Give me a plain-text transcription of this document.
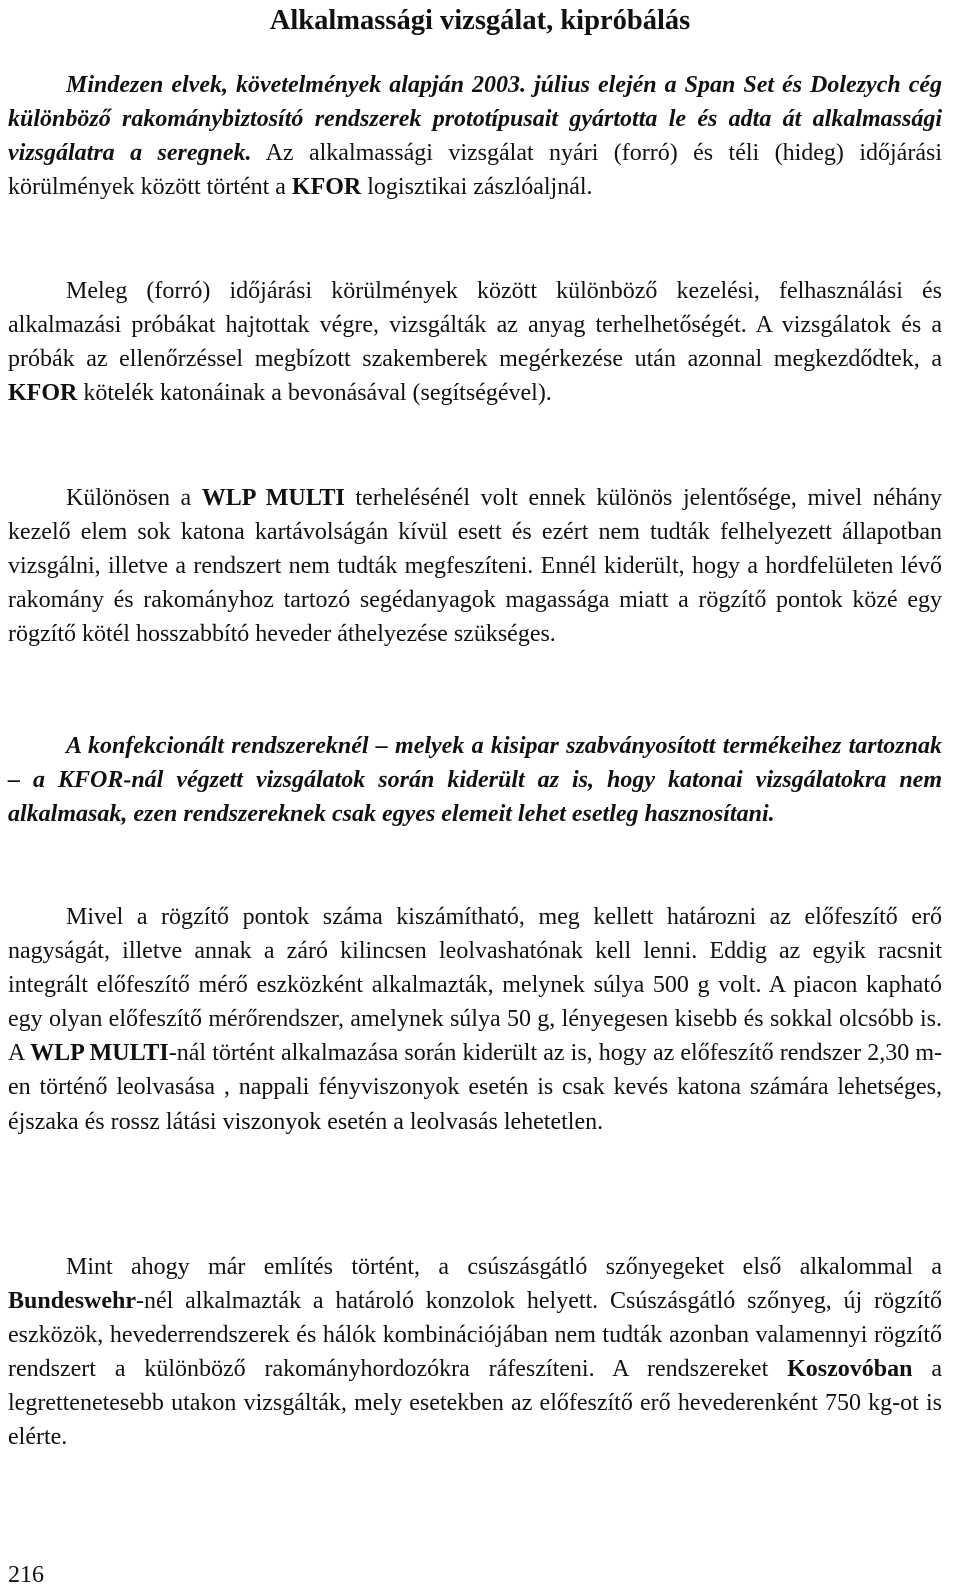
Alkalmassági vizsgálat, kipróbálás

Mindezen elvek, követelmények alapján 2003. július elején a Span Set és Dolezych cég különböző rakománybiztosító rendszerek prototípusait gyártotta le és adta át alkalmassági vizsgálatra a seregnek. Az alkalmassági vizsgálat nyári (forró) és téli (hideg) időjárási körülmények között történt a KFOR logisztikai zászlóaljnál.

Meleg (forró) időjárási körülmények között különböző kezelési, felhasználási és alkalmazási próbákat hajtottak végre, vizsgálták az anyag terhelhetőségét. A vizsgálatok és a próbák az ellenőrzéssel megbízott szakemberek megérkezése után azonnal megkezdődtek, a KFOR kötelék katonáinak a bevonásával (segítségével).

Különösen a WLP MULTI terhelésénél volt ennek különös jelentősége, mivel néhány kezelő elem sok katona kartávolságán kívül esett és ezért nem tudták felhelyezett állapotban vizsgálni, illetve a rendszert nem tudták megfeszíteni. Ennél kiderült, hogy a hordfelületen lévő rakomány és rakományhoz tartozó segédanyagok magassága miatt a rögzítő pontok közé egy rögzítő kötél hosszabbító heveder áthelyezése szükséges.

A konfekcionált rendszereknél – melyek a kisipar szabványosított termékeihez tartoznak – a KFOR-nál végzett vizsgálatok során kiderült az is, hogy katonai vizsgálatokra nem alkalmasak, ezen rendszereknek csak egyes elemeit lehet esetleg hasznosítani.

Mivel a rögzítő pontok száma kiszámítható, meg kellett határozni az előfeszítő erő nagyságát, illetve annak a záró kilincsen leolvashatónak kell lenni. Eddig az egyik racsnit integrált előfeszítő mérő eszközként alkalmazták, melynek súlya 500 g volt. A piacon kapható egy olyan előfeszítő mérőrendszer, amelynek súlya 50 g, lényegesen kisebb és sokkal olcsóbb is. A WLP MULTI-nál történt alkalmazása során kiderült az is, hogy az előfeszítő rendszer 2,30 m-en történő leolvasása , nappali fényviszonyok esetén is csak kevés katona számára lehetséges, éjszaka és rossz látási viszonyok esetén a leolvasás lehetetlen.

Mint ahogy már említés történt, a csúszásgátló szőnyegeket első alkalommal a Bundeswehr-nél alkalmazták a határoló konzolok helyett. Csúszásgátló szőnyeg, új rögzítő eszközök, hevederrendszerek és hálók kombinációjában nem tudták azonban valamennyi rögzítő rendszert a különböző rakományhordozókra ráfeszíteni. A rendszereket Koszovóban a legrettenetesebb utakon vizsgálták, mely esetekben az előfeszítő erő hevederenként 750 kg-ot is elérte.

216
